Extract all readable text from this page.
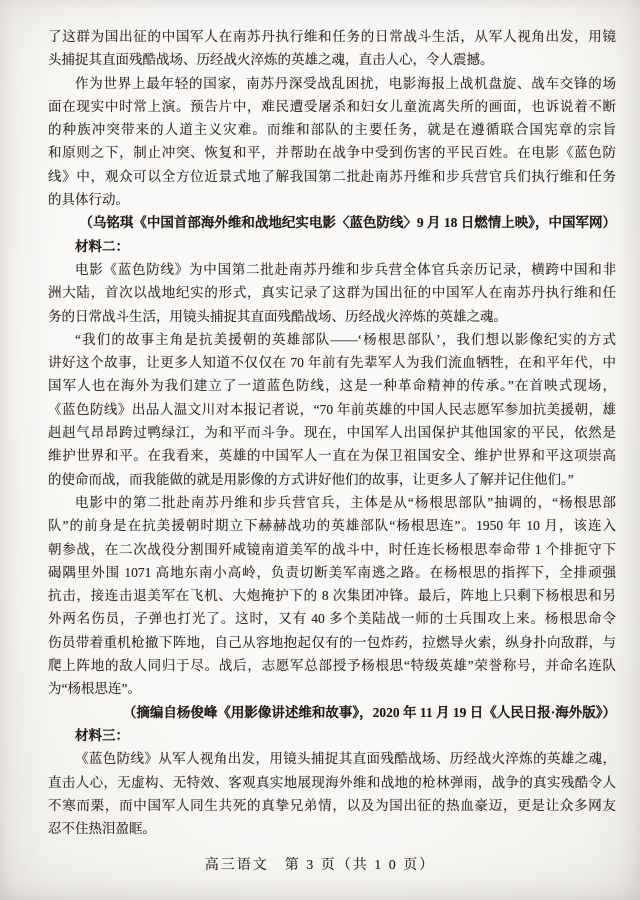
了这群为国出征的中国军人在南苏丹执行维和任务的日常战斗生活，从军人视角出发，用镜
头捕捉其直面残酷战场、历经战火淬炼的英雄之魂，直击人心，令人震撼。
作为世界上最年轻的国家，南苏丹深受战乱困扰，电影海报上战机盘旋、战车交锋的场
面在现实中时常上演。预告片中，难民遭受屠杀和妇女儿童流离失所的画面，也诉说着不断
的种族冲突带来的人道主义灾难。而维和部队的主要任务，就是在遵循联合国宪章的宗旨
和原则之下，制止冲突、恢复和平，并帮助在战争中受到伤害的平民百姓。在电影《蓝色防
线》中，观众可以全方位近景式地了解我国第二批赴南苏丹维和步兵营官兵们执行维和任务
的具体行动。
（乌铭琪《中国首部海外维和战地纪实电影〈蓝色防线〉9 月 18 日燃情上映》，中国军网）
材料二：
电影《蓝色防线》为中国第二批赴南苏丹维和步兵营全体官兵亲历记录，横跨中国和非
洲大陆，首次以战地纪实的形式，真实记录了这群为国出征的中国军人在南苏丹执行维和任
务的日常战斗生活，用镜头捕捉其直面残酷战场、历经战火淬炼的英雄之魂。
“我们的故事主角是抗美援朝的英雄部队——‘杨根思部队’，我们想以影像纪实的方式
讲好这个故事，让更多人知道不仅仅在 70 年前有先辈军人为我们流血牺牲，在和平年代，中
国军人也在海外为我们建立了一道蓝色防线，这是一种革命精神的传承。”在首映式现场，
《蓝色防线》出品人温文川对本报记者说，“70 年前英雄的中国人民志愿军参加抗美援朝，雄
赳赳气昂昂跨过鸭绿江，为和平而斗争。现在，中国军人出国保护其他国家的平民，依然是
维护世界和平。在我看来，英雄的中国军人一直在为保卫祖国安全、维护世界和平这项崇高
的使命而战，而我能做的就是用影像的方式讲好他们的故事，让更多人了解并记住他们。”
电影中的第二批赴南苏丹维和步兵营官兵，主体是从“杨根思部队”抽调的，“杨根思部
队”的前身是在抗美援朝时期立下赫赫战功的英雄部队“杨根思连”。1950 年 10 月，该连入
朝参战，在二次战役分割围歼咸镜南道美军的战斗中，时任连长杨根思奉命带 1 个排扼守下
碣隅里外围 1071 高地东南小高岭，负责切断美军南逃之路。在杨根思的指挥下，全排顽强
抗击，接连击退美军在飞机、大炮掩护下的 8 次集团冲锋。最后，阵地上只剩下杨根思和另
外两名伤员，子弹也打光了。这时，又有 40 多个美陆战一师的士兵围攻上来。杨根思命令
伤员带着重机枪撤下阵地，自己从容地抱起仅有的一包炸药，拉燃导火索，纵身扑向敌群，与
爬上阵地的敌人同归于尽。战后，志愿军总部授予杨根思“特级英雄”荣誉称号，并命名连队
为“杨根思连”。
（摘编自杨俊峰《用影像讲述维和故事》，2020 年 11 月 19 日《人民日报·海外版》）
材料三：
《蓝色防线》从军人视角出发，用镜头捕捉其直面残酷战场、历经战火淬炼的英雄之魂，
直击人心，无虚构、无特效、客观真实地展现海外维和战地的枪林弹雨，战争的真实残酷令人
不寒而栗，而中国军人同生共死的真挚兄弟情，以及为国出征的热血豪迈，更是让众多网友
忍不住热泪盈眶。
高三语文　第 3 页（共 1 0 页）
